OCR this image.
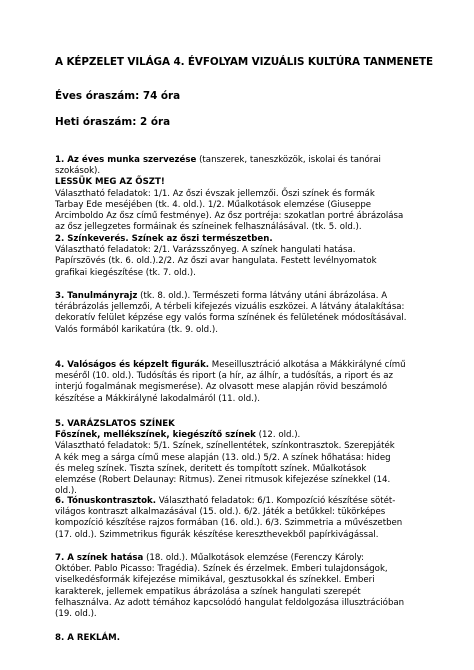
A KÉPZELET VILÁGA 4. ÉVFOLYAM VIZUÁLIS KULTÚRA TANMENETE
Éves óraszám: 74 óra
Heti óraszám: 2 óra
1. Az éves munka szervezése (tanszerek, taneszközök, iskolai és tanórai
szokások).
LESSÜK MEG AZ ŐSZT!
Választható feladatok: 1/1. Az őszi évszak jellemzői. Őszi színek és formák
Tarbay Ede meséjében (tk. 4. old.). 1/2. Műalkotások elemzése (Giuseppe
Arcimboldo Az ősz című festménye). Az ősz portréja: szokatlan portré ábrázolása
az ősz jellegzetes formáinak és színeinek felhasználásával. (tk. 5. old.).
2. Színkeverés. Színek az őszi természetben.
Választható feladatok: 2/1. Varázsszőnyeg. A színek hangulati hatása.
Papírszövés (tk. 6. old.).2/2. Az őszi avar hangulata. Festett levélnyomatok
grafikai kiegészítése (tk. 7. old.).
3. Tanulmányrajz (tk. 8. old.). Természeti forma látvány utáni ábrázolása. A
térábrázolás jellemzői, A térbeli kifejezés vizuális eszközei. A látvány átalakítása:
dekoratív felület képzése egy valós forma színének és felületének módosításával.
Valós formából karikatúra (tk. 9. old.).
4. Valóságos és képzelt figurák. Meseillusztráció alkotása a Mákkirályné című
meséről (10. old.). Tudósítás és riport (a hír, az álhír, a tudósítás, a riport és az
interjú fogalmának megismerése). Az olvasott mese alapján rövid beszámoló
készítése a Mákkirályné lakodalmáról (11. old.).
5. VARÁZSLATOS SZÍNEK
Főszínek, mellékszínek, kiegészítő színek (12. old.).
Választható feladatok: 5/1. Színek, színellentétek, színkontrasztok. Szerepjáték
A kék meg a sárga című mese alapján (13. old.) 5/2. A színek hőhatása: hideg
és meleg színek. Tiszta színek, deritett és tompított színek. Műalkotások
elemzése (Robert Delaunay: Ritmus). Zenei ritmusok kifejezése színekkel (14.
old.).
6. Tónuskontrasztok. Választható feladatok: 6/1. Kompozíció készítése sötét-
világos kontraszt alkalmazásával (15. old.). 6/2. Játék a betűkkel: tükörképes
kompozíció készítése rajzos formában (16. old.). 6/3. Szimmetria a művészetben
(17. old.). Szimmetrikus figurák készítése kereszthevekből papírkivágással.
7. A színek hatása (18. old.). Műalkotások elemzése (Ferenczy Károly:
Október. Pablo Picasso: Tragédia). Színek és érzelmek. Emberi tulajdonságok,
viselkedésformák kifejezése mimikával, gesztusokkal és színekkel. Emberi
karakterek, jellemek empatikus ábrázolása a színek hangulati szerepét
felhasználva. Az adott témához kapcsolódó hangulat feldolgozása illusztrációban
(19. old.).
8. A REKLÁM.
